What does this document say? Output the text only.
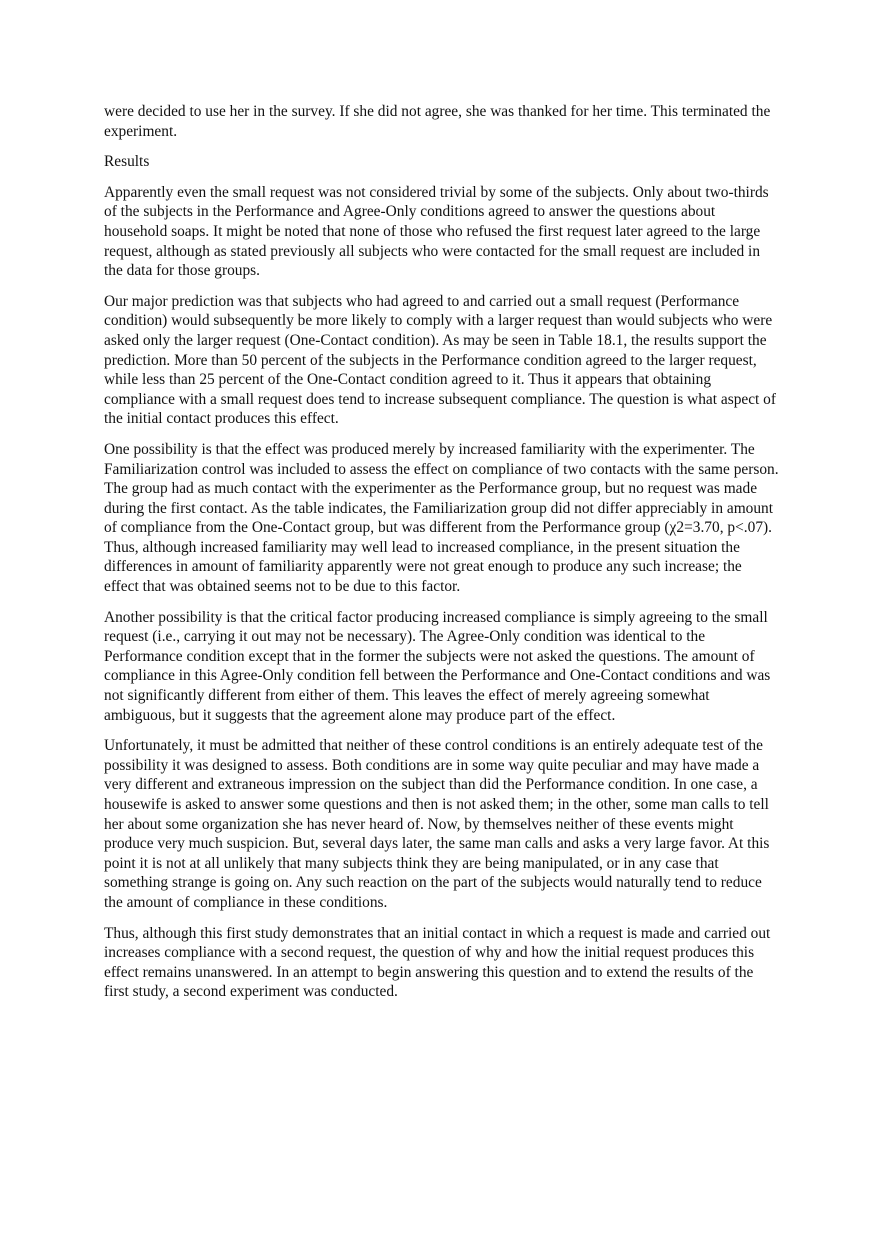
were decided to use her in the survey. If she did not agree, she was thanked for her time. This terminated the experiment.

Results

Apparently even the small request was not considered trivial by some of the subjects. Only about two-thirds of the subjects in the Performance and Agree-Only conditions agreed to answer the questions about household soaps. It might be noted that none of those who refused the first request later agreed to the large request, although as stated previously all subjects who were contacted for the small request are included in the data for those groups.

Our major prediction was that subjects who had agreed to and carried out a small request (Performance condition) would subsequently be more likely to comply with a larger request than would subjects who were asked only the larger request (One-Contact condition). As may be seen in Table 18.1, the results support the prediction. More than 50 percent of the subjects in the Performance condition agreed to the larger request, while less than 25 percent of the One-Contact condition agreed to it. Thus it appears that obtaining compliance with a small request does tend to increase subsequent compliance. The question is what aspect of the initial contact produces this effect.

One possibility is that the effect was produced merely by increased familiarity with the experimenter. The Familiarization control was included to assess the effect on compliance of two contacts with the same person. The group had as much contact with the experimenter as the Performance group, but no request was made during the first contact. As the table indicates, the Familiarization group did not differ appreciably in amount of compliance from the One-Contact group, but was different from the Performance group (χ2=3.70, p<.07). Thus, although increased familiarity may well lead to increased compliance, in the present situation the differences in amount of familiarity apparently were not great enough to produce any such increase; the effect that was obtained seems not to be due to this factor.

Another possibility is that the critical factor producing increased compliance is simply agreeing to the small request (i.e., carrying it out may not be necessary). The Agree-Only condition was identical to the Performance condition except that in the former the subjects were not asked the questions. The amount of compliance in this Agree-Only condition fell between the Performance and One-Contact conditions and was not significantly different from either of them. This leaves the effect of merely agreeing somewhat ambiguous, but it suggests that the agreement alone may produce part of the effect.

Unfortunately, it must be admitted that neither of these control conditions is an entirely adequate test of the possibility it was designed to assess. Both conditions are in some way quite peculiar and may have made a very different and extraneous impression on the subject than did the Performance condition. In one case, a housewife is asked to answer some questions and then is not asked them; in the other, some man calls to tell her about some organization she has never heard of. Now, by themselves neither of these events might produce very much suspicion. But, several days later, the same man calls and asks a very large favor. At this point it is not at all unlikely that many subjects think they are being manipulated, or in any case that something strange is going on. Any such reaction on the part of the subjects would naturally tend to reduce the amount of compliance in these conditions.

Thus, although this first study demonstrates that an initial contact in which a request is made and carried out increases compliance with a second request, the question of why and how the initial request produces this effect remains unanswered. In an attempt to begin answering this question and to extend the results of the first study, a second experiment was conducted.
